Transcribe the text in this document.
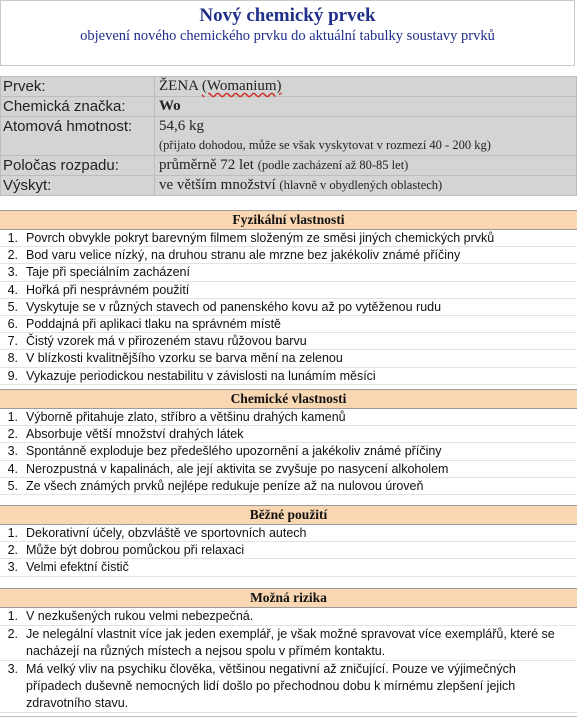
Nový chemický prvek
objevení nového chemického prvku do aktuální tabulky soustavy prvků
Prvek:	ŽENA (Womanium)
Chemická značka:	Wo
Atomová hmotnost:	54,6 kg
(přijato dohodou, může se však vyskytovat v rozmezí 40 - 200 kg)

Poločas rozpadu:	průměrně 72 let (podle zacházení až 80-85 let)
Výskyt:	ve větším množství (hlavně v obydlených oblastech)
Fyzikální vlastnosti
1. Povrch obvykle pokryt barevným filmem složeným ze směsi jiných chemických prvků
2. Bod varu velice nízký, na druhou stranu ale mrzne bez jakékoliv známé příčiny
3. Taje při speciálním zacházení
4. Hořká při nesprávném použití
5. Vyskytuje se v různých stavech od panenského kovu až po vytěženou rudu
6. Poddajná při aplikaci tlaku na správném místě
7. Čistý vzorek má v přirozeném stavu růžovou barvu
8. V blízkosti kvalitnějšího vzorku se barva mění na zelenou
9. Vykazuje periodickou nestabilitu v závislosti na lunámím měsíci
Chemické vlastnosti
1. Výborně přitahuje zlato, stříbro a většinu drahých kamenů
2. Absorbuje větší množství drahých látek
3. Spontánně exploduje bez předešlého upozornění a jakékoliv známé příčiny
4. Nerozpustná v kapalinách, ale její aktivita se zvyšuje po nasycení alkoholem
5. Ze všech známých prvků nejlépe redukuje peníze až na nulovou úroveň
Běžné použití
1. Dekorativní účely, obzvláště ve sportovních autech
2. Může být dobrou pomůckou při relaxaci
3. Velmi efektní čistič
Možná rizika
1. V nezkušených rukou velmi nebezpečná.
2. Je nelegální vlastnit více jak jeden exemplář, je však možné spravovat více exemplářů, které se nacházejí na různých místech a nejsou spolu v přímém kontaktu.
3. Má velký vliv na psychiku člověka, většinou negativní až zničující. Pouze ve výjimečných případech duševně nemocných lidí došlo po přechodnou dobu k mírnému zlepšení jejich zdravotního stavu.
